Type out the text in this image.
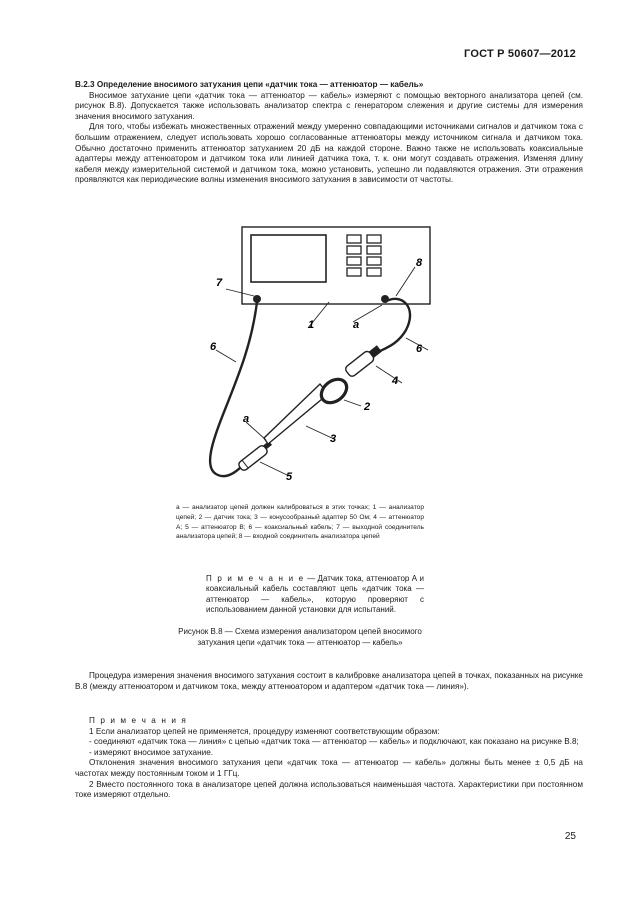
ГОСТ Р 50607—2012

В.2.3 Определение вносимого затухания цепи «датчик тока — аттенюатор — кабель»

Вносимое затухание цепи «датчик тока — аттенюатор — кабель» измеряют с помощью векторного анализатора цепей (см. рисунок В.8). Допускается также использовать анализатор спектра с генератором слежения и другие системы для измерения значения вносимого затухания.

Для того, чтобы избежать множественных отражений между умеренно совпадающими источниками сигналов и датчиком тока с большим отражением, следует использовать хорошо согласованные аттенюаторы между источником сигнала и датчиком тока. Обычно достаточно применить аттенюатор затуханием 20 дБ на каждой стороне. Важно также не использовать коаксиальные адаптеры между аттенюатором и датчиком тока или линией датчика тока, т. к. они могут создавать отражения. Изменяя длину кабеля между измерительной системой и датчиком тока, можно установить, успешно ли подавляются отражения. Эти отражения проявляются как периодические волны изменения вносимого затухания в зависимости от частоты.

7
8
1	a
6	6
4
2
3
a
5
a — анализатор цепей должен калиброваться в этих точках; 1 — анализатор цепей; 2 — датчик тока; 3 — конусообразный адаптер 50 Ом; 4 — аттенюатор А; 5 — аттенюатор В; 6 — коаксиальный кабель; 7 — выходной соединитель анализатора цепей; 8 — входной соединитель анализатора цепей
П р и м е ч а н и е — Датчик тока, аттенюатор А и коаксиальный кабель составляют цепь «датчик тока — аттенюатор — кабель», которую проверяют с использованием данной установки для испытаний.
Рисунок В.8 — Схема измерения анализатором цепей вносимого затухания цепи «датчик тока — аттенюатор — кабель»

Процедура измерения значения вносимого затухания состоит в калибровке анализатора цепей в точках, показанных на рисунке В.8 (между аттенюатором и датчиком тока, между аттенюатором и адаптером «датчик тока — линия»).

П р и м е ч а н и я

1 Если анализатор цепей не применяется, процедуру изменяют соответствующим образом:

- соединяют «датчик тока — линия» с цепью «датчик тока — аттенюатор — кабель» и подключают, как показано на рисунке В.8;

- измеряют вносимое затухание.

Отклонения значения вносимого затухания цепи «датчик тока — аттенюатор — кабель» должны быть менее ± 0,5 дБ на частотах между постоянным током и 1 ГГц.

2 Вместо постоянного тока в анализаторе цепей должна использоваться наименьшая частота. Характеристики при постоянном токе измеряют отдельно.

25
